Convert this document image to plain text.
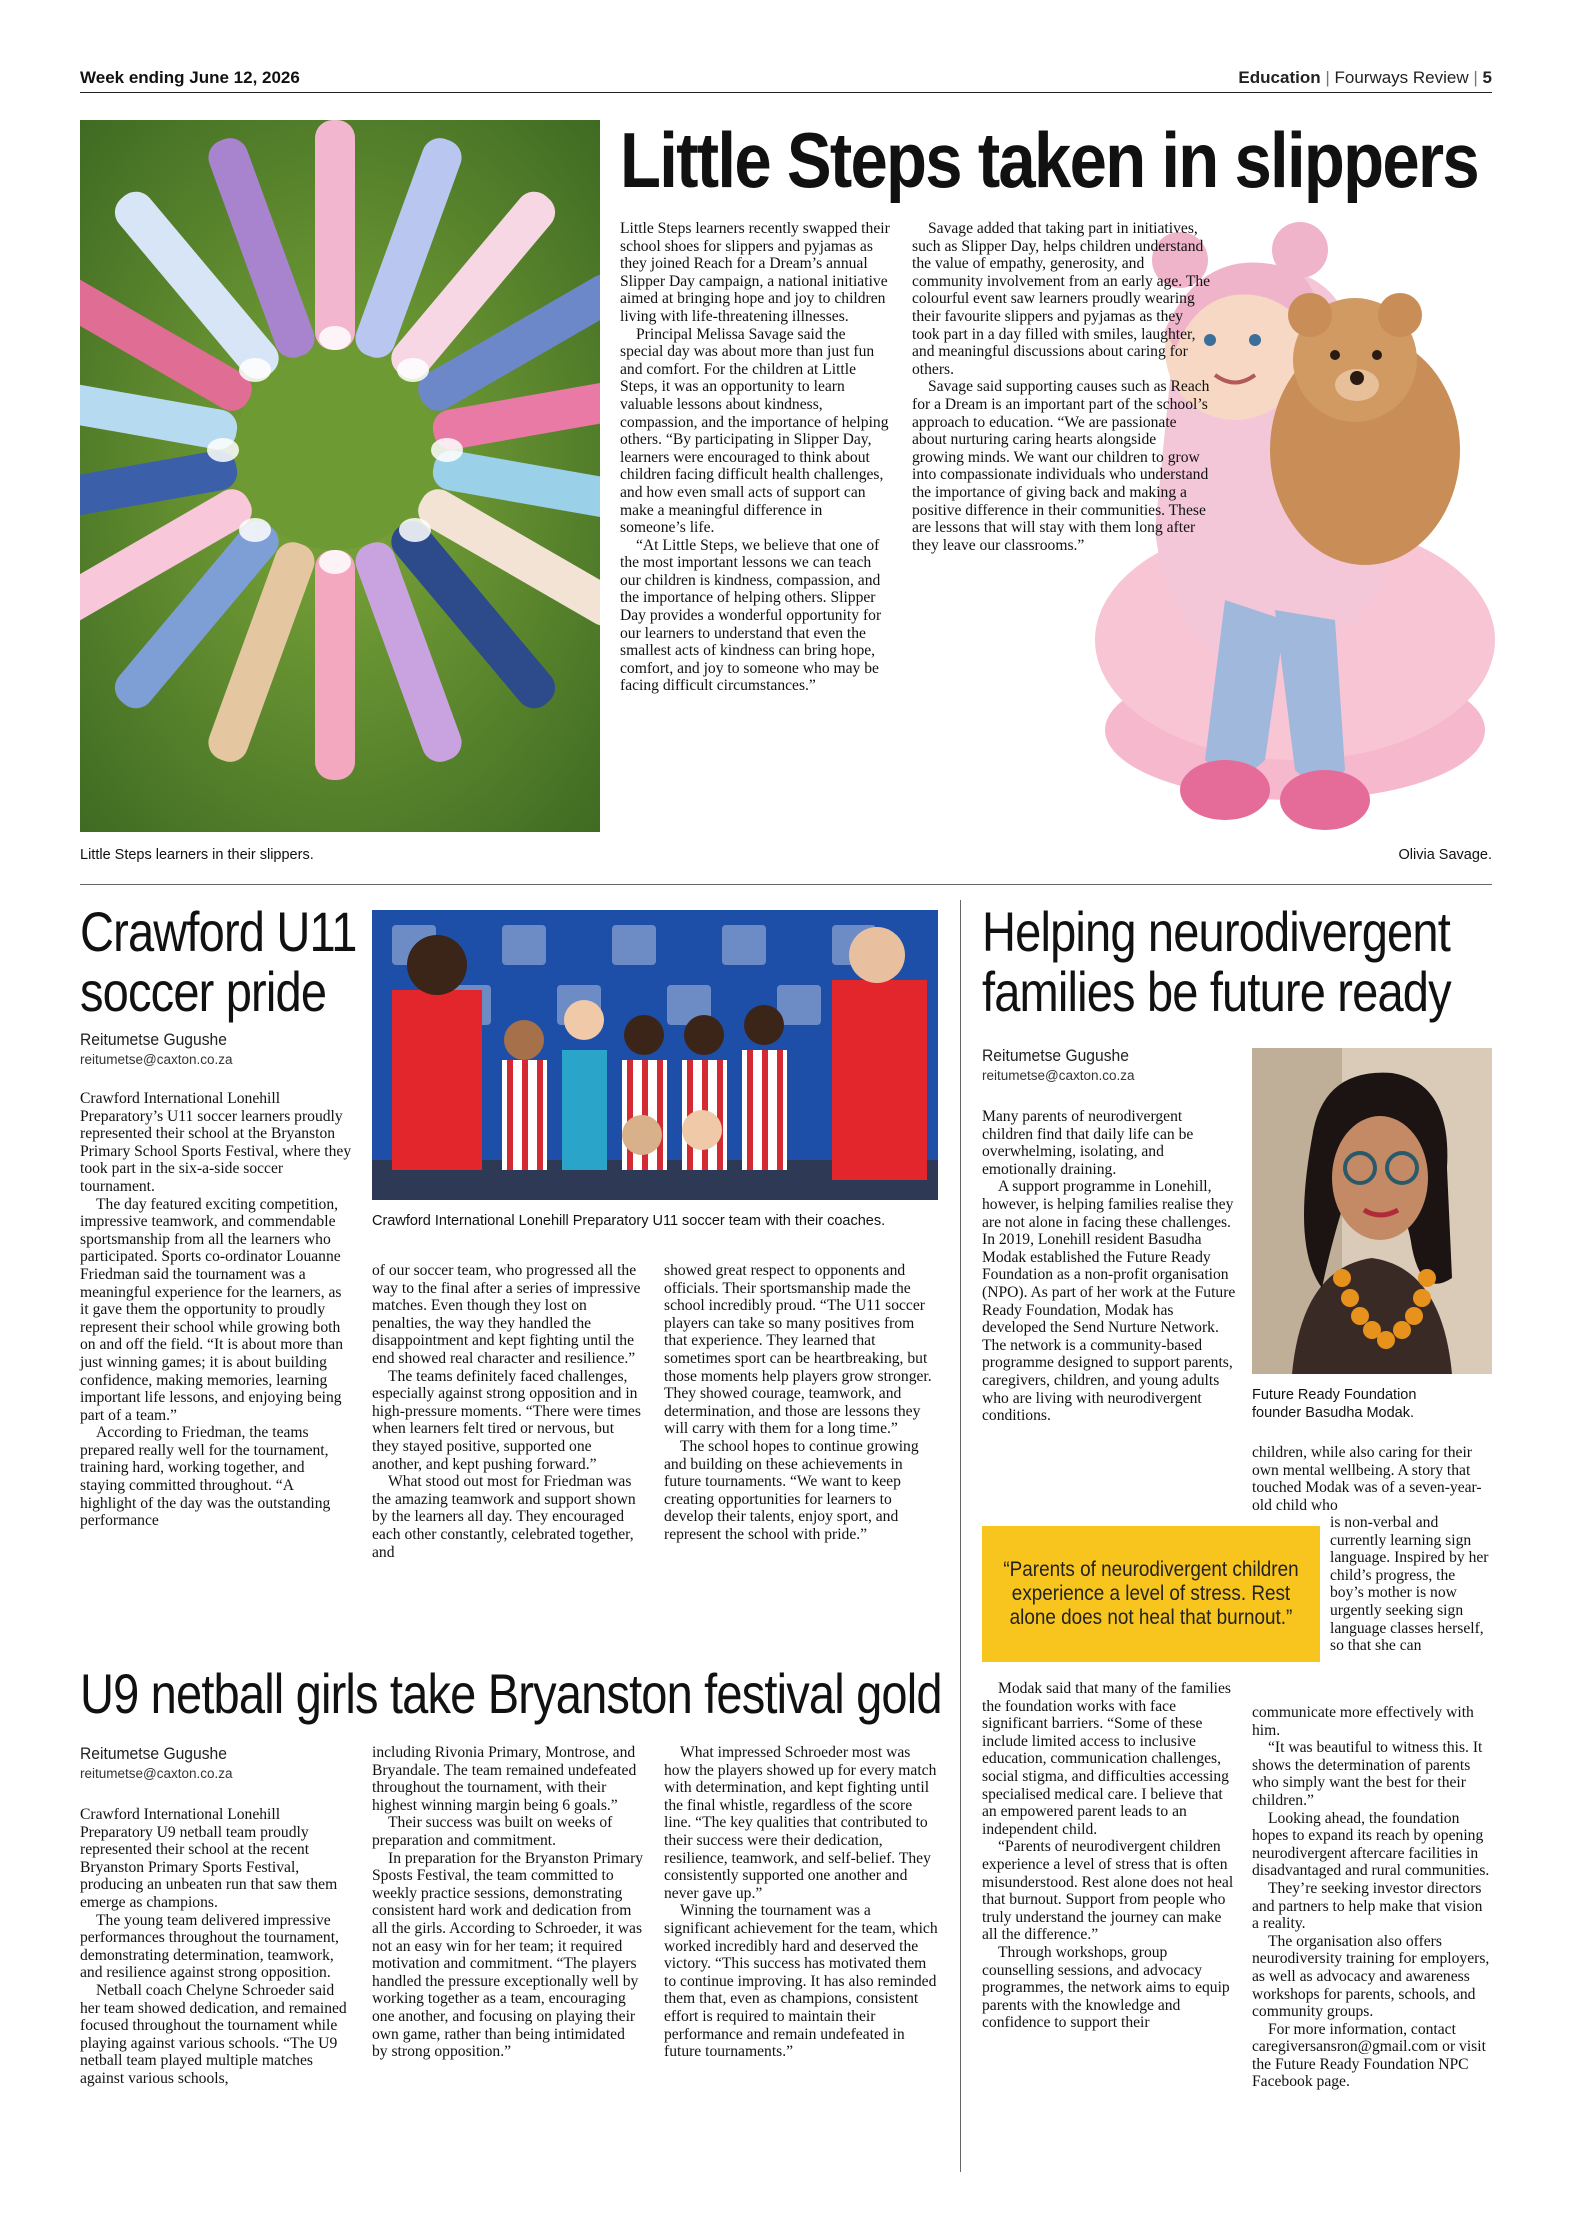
Week ending June 12, 2026	Education | Fourways Review | 5
Little Steps learners in their slippers.
Little Steps taken in slippers

Little Steps learners recently swapped their school shoes for slippers and pyjamas as they joined Reach for a Dream’s annual Slipper Day campaign, a national initiative aimed at bringing hope and joy to children living with life-threatening illnesses.

Principal Melissa Savage said the special day was about more than just fun and comfort. For the children at Little Steps, it was an opportunity to learn valuable lessons about kindness, compassion, and the importance of helping others. “By participating in Slipper Day, learners were encouraged to think about children facing difficult health challenges, and how even small acts of support can make a meaningful difference in someone’s life.

“At Little Steps, we believe that one of the most important lessons we can teach our children is kindness, compassion, and the importance of helping others. Slipper Day provides a wonderful opportunity for our learners to understand that even the smallest acts of kindness can bring hope, comfort, and joy to someone who may be facing difficult circumstances.”

Savage added that taking part in initiatives, such as Slipper Day, helps children understand the value of empathy, generosity, and community involvement from an early age. The colourful event saw learners proudly wearing their favourite slippers and pyjamas as they took part in a day filled with smiles, laughter, and meaningful discussions about caring for others.

Savage said supporting causes such as Reach for a Dream is an important part of the school’s approach to education. “We are passionate about nurturing caring hearts alongside growing minds. We want our children to grow into compassionate individuals who understand the importance of giving back and making a positive difference in their communities. These are lessons that will stay with them long after they leave our classrooms.”

Olivia Savage.
Crawford U11
soccer pride
Reitumetse Gugushe
reitumetse@caxton.co.za

Crawford International Lonehill Preparatory’s U11 soccer learners proudly represented their school at the Bryanston Primary School Sports Festival, where they took part in the six-a-side soccer tournament.

The day featured exciting competition, impressive teamwork, and commendable sportsmanship from all the learners who participated. Sports co-ordinator Louanne Friedman said the tournament was a meaningful experience for the learners, as it gave them the opportunity to proudly represent their school while growing both on and off the field. “It is about more than just winning games; it is about building confidence, making memories, learning important life lessons, and enjoying being part of a team.”

According to Friedman, the teams prepared really well for the tournament, training hard, working together, and staying committed throughout. “A highlight of the day was the outstanding performance

Crawford International Lonehill Preparatory U11 soccer team with their coaches.

of our soccer team, who progressed all the way to the final after a series of impressive matches. Even though they lost on penalties, the way they handled the disappointment and kept fighting until the end showed real character and resilience.”

The teams definitely faced challenges, especially against strong opposition and in high-pressure moments. “There were times when learners felt tired or nervous, but they stayed positive, supported one another, and kept pushing forward.”

What stood out most for Friedman was the amazing teamwork and support shown by the learners all day. They encouraged each other constantly, celebrated together, and

showed great respect to opponents and officials. Their sportsmanship made the school incredibly proud. “The U11 soccer players can take so many positives from that experience. They learned that sometimes sport can be heartbreaking, but those moments help players grow stronger. They showed courage, teamwork, and determination, and those are lessons they will carry with them for a long time.”

The school hopes to continue growing and building on these achievements in future tournaments. “We want to keep creating opportunities for learners to develop their talents, enjoy sport, and represent the school with pride.”

U9 netball girls take Bryanston festival gold
Reitumetse Gugushe
reitumetse@caxton.co.za

Crawford International Lonehill Preparatory U9 netball team proudly represented their school at the recent Bryanston Primary Sports Festival, producing an unbeaten run that saw them emerge as champions.

The young team delivered impressive performances throughout the tournament, demonstrating determination, teamwork, and resilience against strong opposition.

Netball coach Chelyne Schroeder said her team showed dedication, and remained focused throughout the tournament while playing against various schools. “The U9 netball team played multiple matches against various schools,

including Rivonia Primary, Montrose, and Bryandale. The team remained undefeated throughout the tournament, with their highest winning margin being 6 goals.”

Their success was built on weeks of preparation and commitment.

In preparation for the Bryanston Primary Sposts Festival, the team committed to weekly practice sessions, demonstrating consistent hard work and dedication from all the girls. According to Schroeder, it was not an easy win for her team; it required motivation and commitment. “The players handled the pressure exceptionally well by working together as a team, encouraging one another, and focusing on playing their own game, rather than being intimidated by strong opposition.”

What impressed Schroeder most was how the players showed up for every match with determination, and kept fighting until the final whistle, regardless of the score line. “The key qualities that contributed to their success were their dedication, resilience, teamwork, and self-belief. They consistently supported one another and never gave up.”

Winning the tournament was a significant achievement for the team, which worked incredibly hard and deserved the victory. “This success has motivated them to continue improving. It has also reminded them that, even as champions, consistent effort is required to maintain their performance and remain undefeated in future tournaments.”

Helping neurodivergent
families be future ready
Reitumetse Gugushe
reitumetse@caxton.co.za
Future Ready Foundation founder Basudha Modak.

Many parents of neurodivergent children find that daily life can be overwhelming, isolating, and emotionally draining.

A support programme in Lonehill, however, is helping families realise they are not alone in facing these challenges. In 2019, Lonehill resident Basudha Modak established the Future Ready Foundation as a non-profit organisation (NPO). As part of her work at the Future Ready Foundation, Modak has developed the Send Nurture Network. The network is a community-based programme designed to support parents, caregivers, children, and young adults who are living with neurodivergent conditions.

children, while also caring for their own mental wellbeing. A story that touched Modak was of a seven-year-old child who

is non-verbal and currently learning sign language. Inspired by her child’s progress, the boy’s mother is now urgently seeking sign language classes herself, so that she can

“Parents of neurodivergent children experience a level of stress. Rest alone does not heal that burnout.”

Modak said that many of the families the foundation works with face significant barriers. “Some of these include limited access to inclusive education, communication challenges, social stigma, and difficulties accessing specialised medical care. I believe that an empowered parent leads to an independent child.

“Parents of neurodivergent children experience a level of stress that is often misunderstood. Rest alone does not heal that burnout. Support from people who truly understand the journey can make all the difference.”

Through workshops, group counselling sessions, and advocacy programmes, the network aims to equip parents with the knowledge and confidence to support their

communicate more effectively with him.

“It was beautiful to witness this. It shows the determination of parents who simply want the best for their children.”

Looking ahead, the foundation hopes to expand its reach by opening neurodivergent aftercare facilities in disadvantaged and rural communities.

They’re seeking investor directors and partners to help make that vision a reality.

The organisation also offers neurodiversity training for employers, as well as advocacy and awareness workshops for parents, schools, and community groups.

For more information, contact caregiversansron@gmail.com or visit the Future Ready Foundation NPC Facebook page.
